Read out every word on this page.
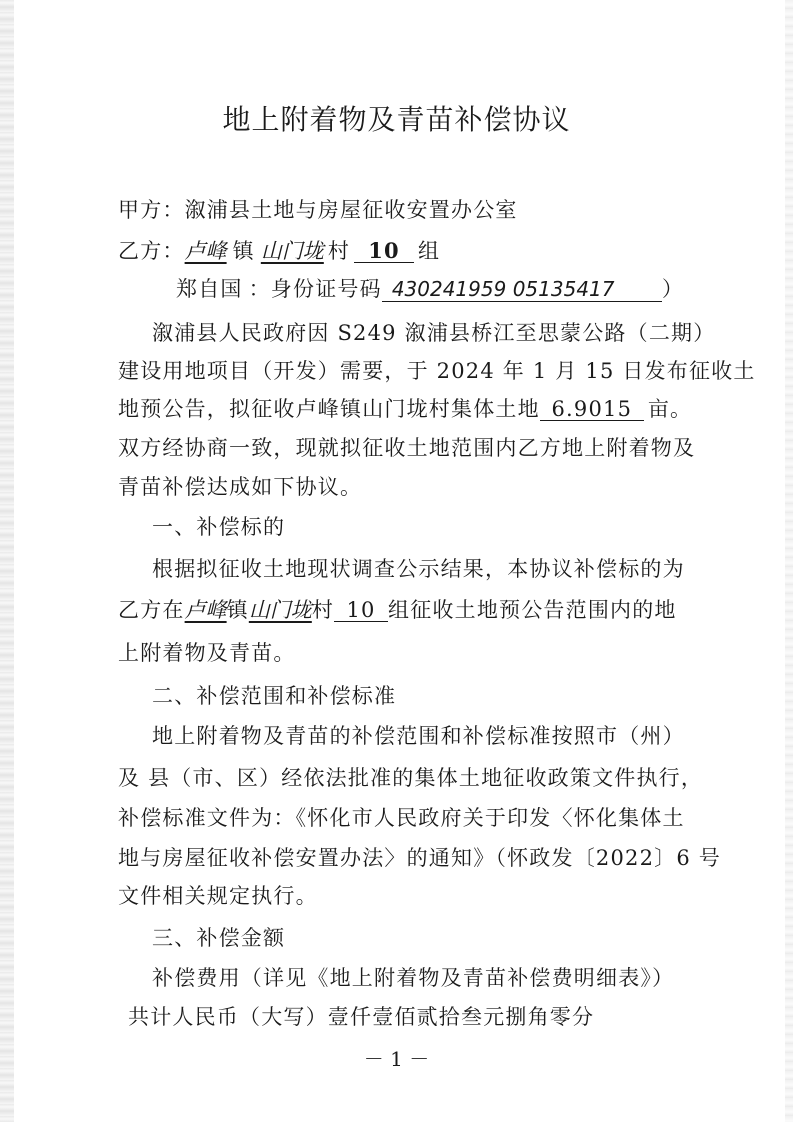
地上附着物及青苗补偿协议
甲方：溆浦县土地与房屋征收安置办公室
乙方：卢峰 镇 山门垅 村 10 组
郑自国 ：身份证号码 430241959 05135417 ）
溆浦县人民政府因 S249 溆浦县桥江至思蒙公路（二期）
建设用地项目（开发）需要，于 2024 年 1 月 15 日发布征收土
地预公告，拟征收卢峰镇山门垅村集体土地 6.9015 亩。
双方经协商一致，现就拟征收土地范围内乙方地上附着物及
青苗补偿达成如下协议。
一、补偿标的
根据拟征收土地现状调查公示结果，本协议补偿标的为
乙方在卢峰镇山门垅村 10 组征收土地预公告范围内的地
上附着物及青苗。
二、补偿范围和补偿标准
地上附着物及青苗的补偿范围和补偿标准按照市（州）
及 县（市、区）经依法批准的集体土地征收政策文件执行，
补偿标准文件为：《怀化市人民政府关于印发〈怀化集体土
地与房屋征收补偿安置办法〉的通知》（怀政发〔2022〕6 号
文件相关规定执行。
三、补偿金额
补偿费用（详见《地上附着物及青苗补偿费明细表》）
共计人民币（大写）壹仟壹佰贰拾叁元捌角零分
－ 1 －
